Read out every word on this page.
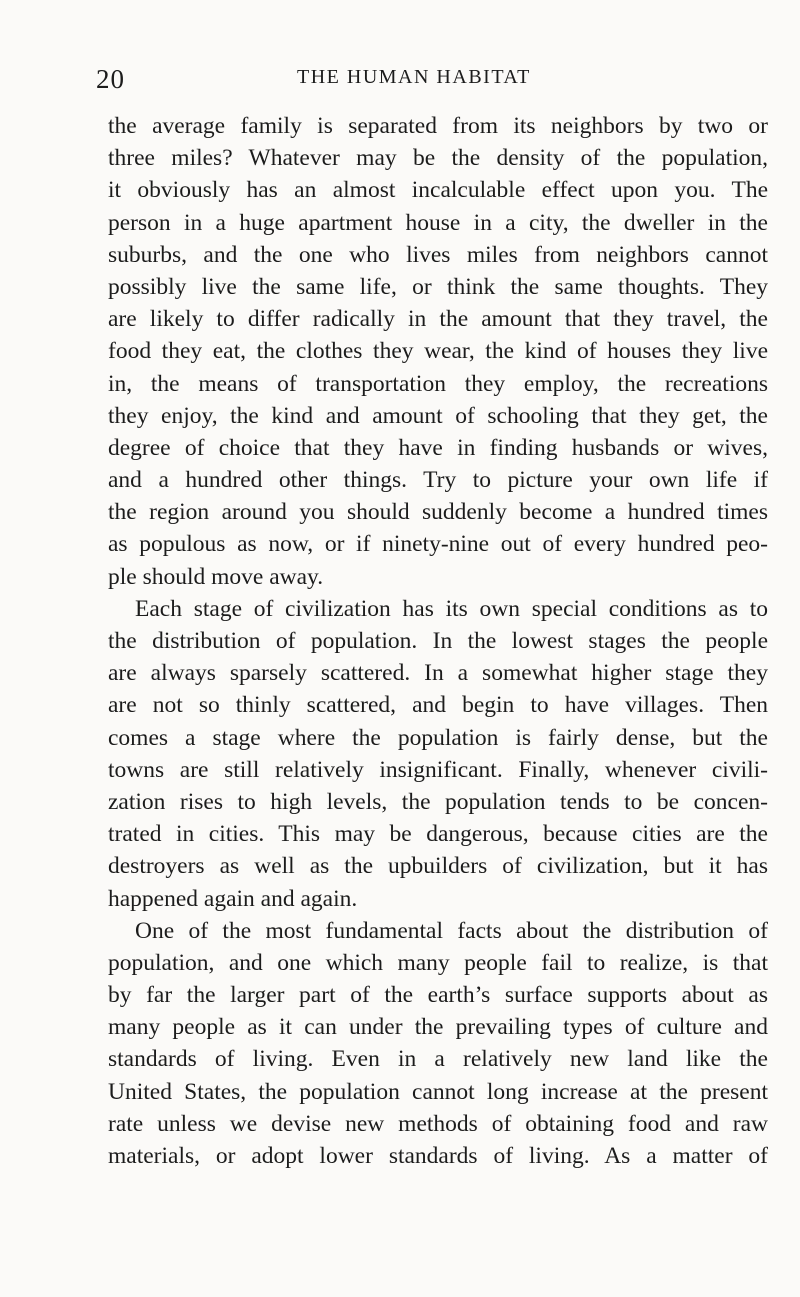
20	THE HUMAN HABITAT
the average family is separated from its neighbors by two or
three miles? Whatever may be the density of the population,
it obviously has an almost incalculable effect upon you. The
person in a huge apartment house in a city, the dweller in the
suburbs, and the one who lives miles from neighbors cannot
possibly live the same life, or think the same thoughts. They
are likely to differ radically in the amount that they travel, the
food they eat, the clothes they wear, the kind of houses they live
in, the means of transportation they employ, the recreations
they enjoy, the kind and amount of schooling that they get, the
degree of choice that they have in finding husbands or wives,
and a hundred other things. Try to picture your own life if
the region around you should suddenly become a hundred times
as populous as now, or if ninety-nine out of every hundred peo-
ple should move away.
Each stage of civilization has its own special conditions as to
the distribution of population. In the lowest stages the people
are always sparsely scattered. In a somewhat higher stage they
are not so thinly scattered, and begin to have villages. Then
comes a stage where the population is fairly dense, but the
towns are still relatively insignificant. Finally, whenever civili-
zation rises to high levels, the population tends to be concen-
trated in cities. This may be dangerous, because cities are the
destroyers as well as the upbuilders of civilization, but it has
happened again and again.
One of the most fundamental facts about the distribution of
population, and one which many people fail to realize, is that
by far the larger part of the earth’s surface supports about as
many people as it can under the prevailing types of culture and
standards of living. Even in a relatively new land like the
United States, the population cannot long increase at the present
rate unless we devise new methods of obtaining food and raw
materials, or adopt lower standards of living. As a matter of
